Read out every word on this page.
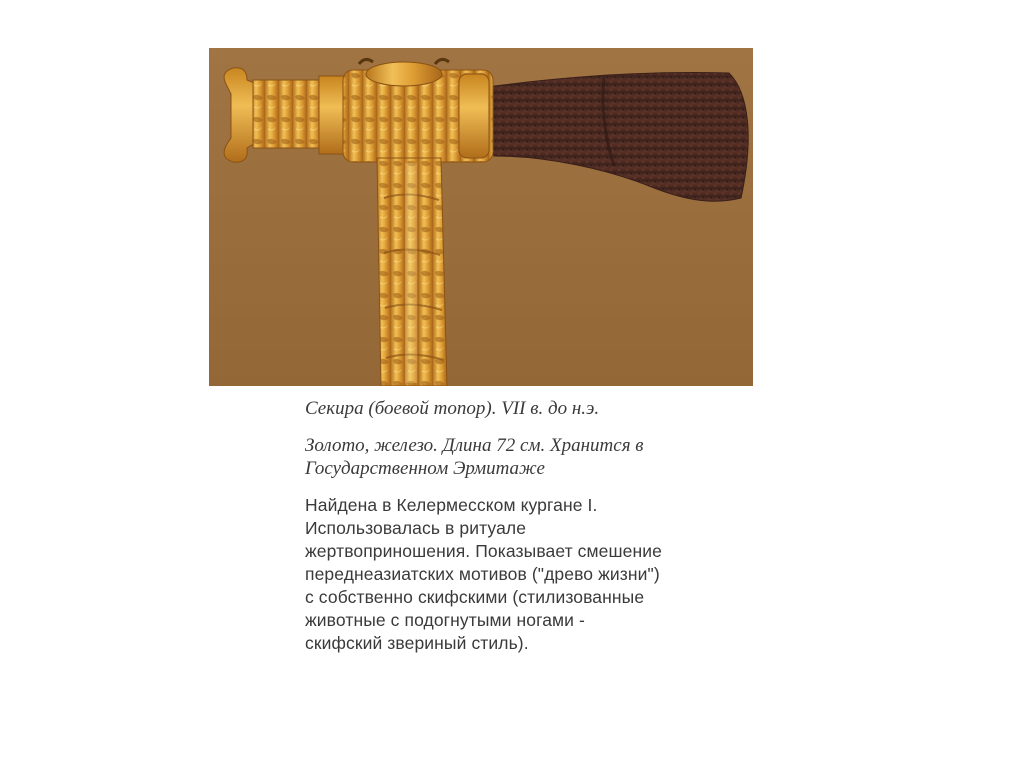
Секира (боевой топор). VII в. до н.э.

Золото, железо. Длина 72 см. Хранится в
Государственном Эрмитаже

Найдена в Келермесском кургане I.
Использовалась в ритуале
жертвоприношения. Показывает смешение
переднеазиатских мотивов ("древо жизни")
с собственно скифскими (стилизованные
животные с подогнутыми ногами -
скифский звериный стиль).
